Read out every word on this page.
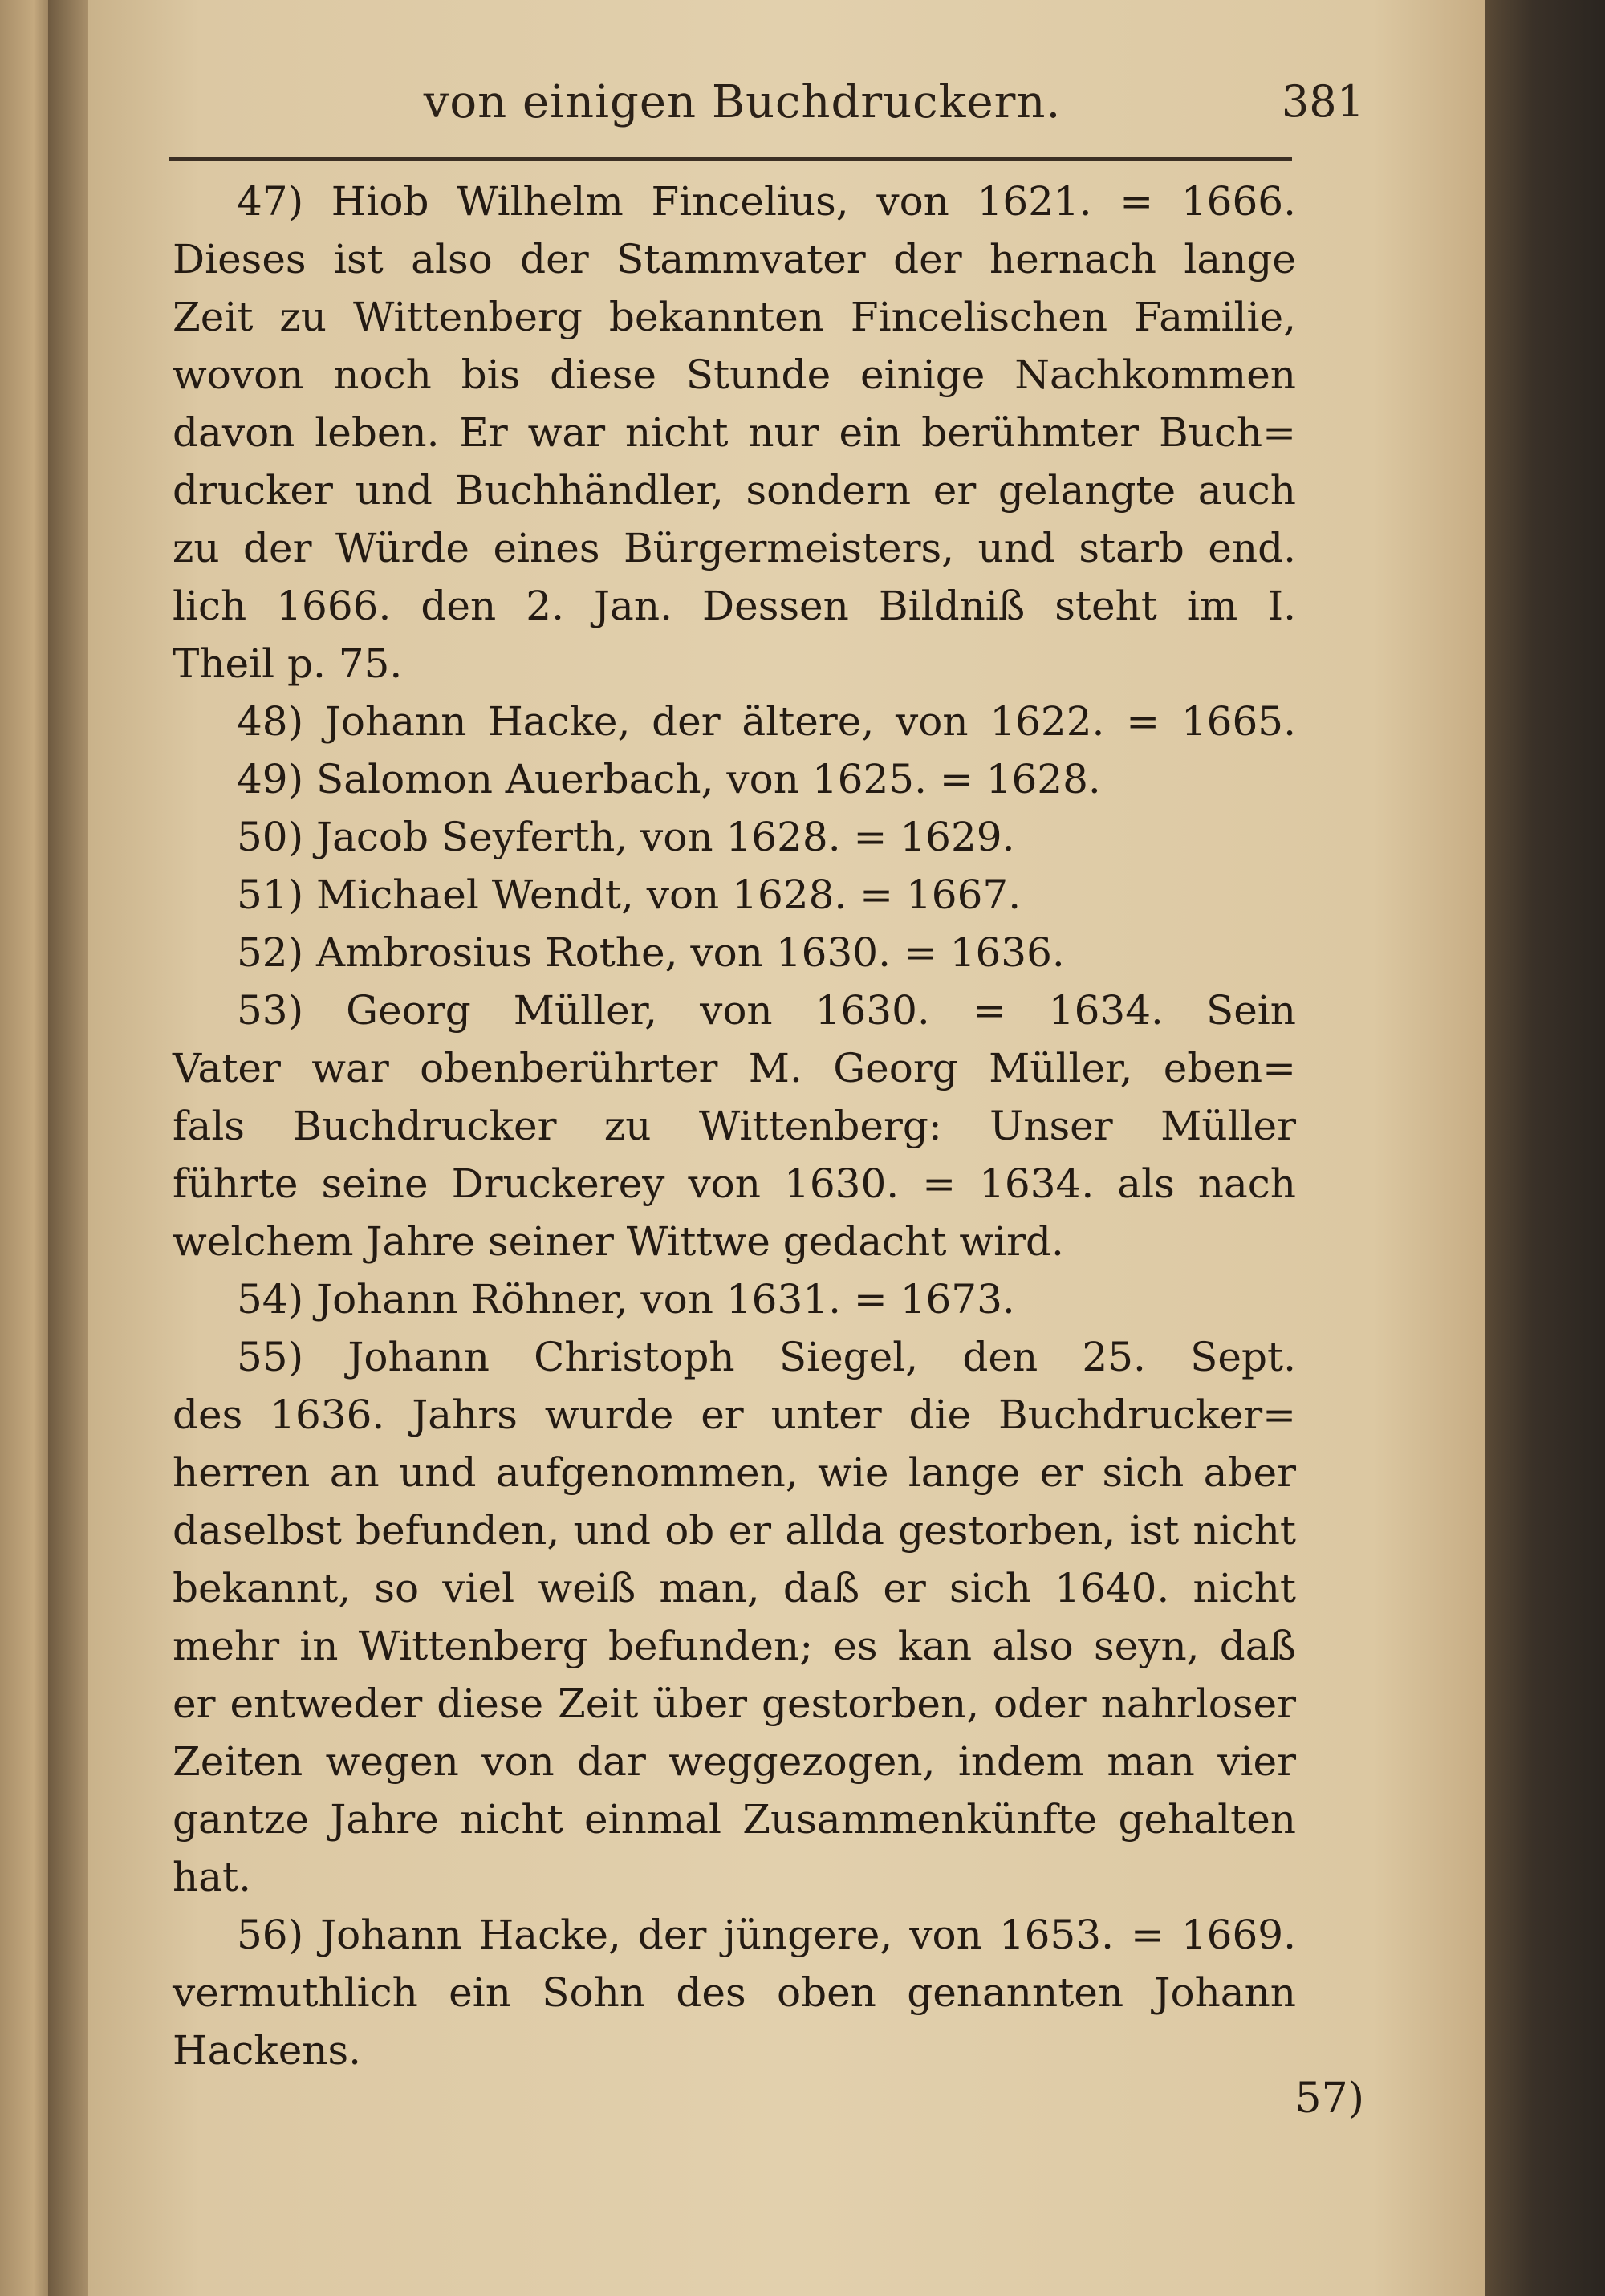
von einigen Buchdruckern.	381
47) Hiob Wilhelm Fincelius, von 1621. = 1666.
Dieses ist also der Stammvater der hernach lange
Zeit zu Wittenberg bekannten Fincelischen Familie,
wovon noch bis diese Stunde einige Nachkommen
davon leben. Er war nicht nur ein berühmter Buch=
drucker und Buchhändler, sondern er gelangte auch
zu der Würde eines Bürgermeisters, und starb end.
lich 1666. den 2. Jan. Dessen Bildniß steht im I.
Theil p. 75.
48) Johann Hacke, der ältere, von 1622. = 1665.
49) Salomon Auerbach, von 1625. = 1628.
50) Jacob Seyferth, von 1628. = 1629.
51) Michael Wendt, von 1628. = 1667.
52) Ambrosius Rothe, von 1630. = 1636.
53) Georg Müller, von 1630. = 1634. Sein
Vater war obenberührter M. Georg Müller, eben=
fals Buchdrucker zu Wittenberg: Unser Müller
führte seine Druckerey von 1630. = 1634. als nach
welchem Jahre seiner Wittwe gedacht wird.
54) Johann Röhner, von 1631. = 1673.
55) Johann Christoph Siegel, den 25. Sept.
des 1636. Jahrs wurde er unter die Buchdrucker=
herren an und aufgenommen, wie lange er sich aber
daselbst befunden, und ob er allda gestorben, ist nicht
bekannt, so viel weiß man, daß er sich 1640. nicht
mehr in Wittenberg befunden; es kan also seyn, daß
er entweder diese Zeit über gestorben, oder nahrloser
Zeiten wegen von dar weggezogen, indem man vier
gantze Jahre nicht einmal Zusammenkünfte gehalten
hat.
56) Johann Hacke, der jüngere, von 1653. = 1669.
vermuthlich ein Sohn des oben genannten Johann
Hackens.
57)
